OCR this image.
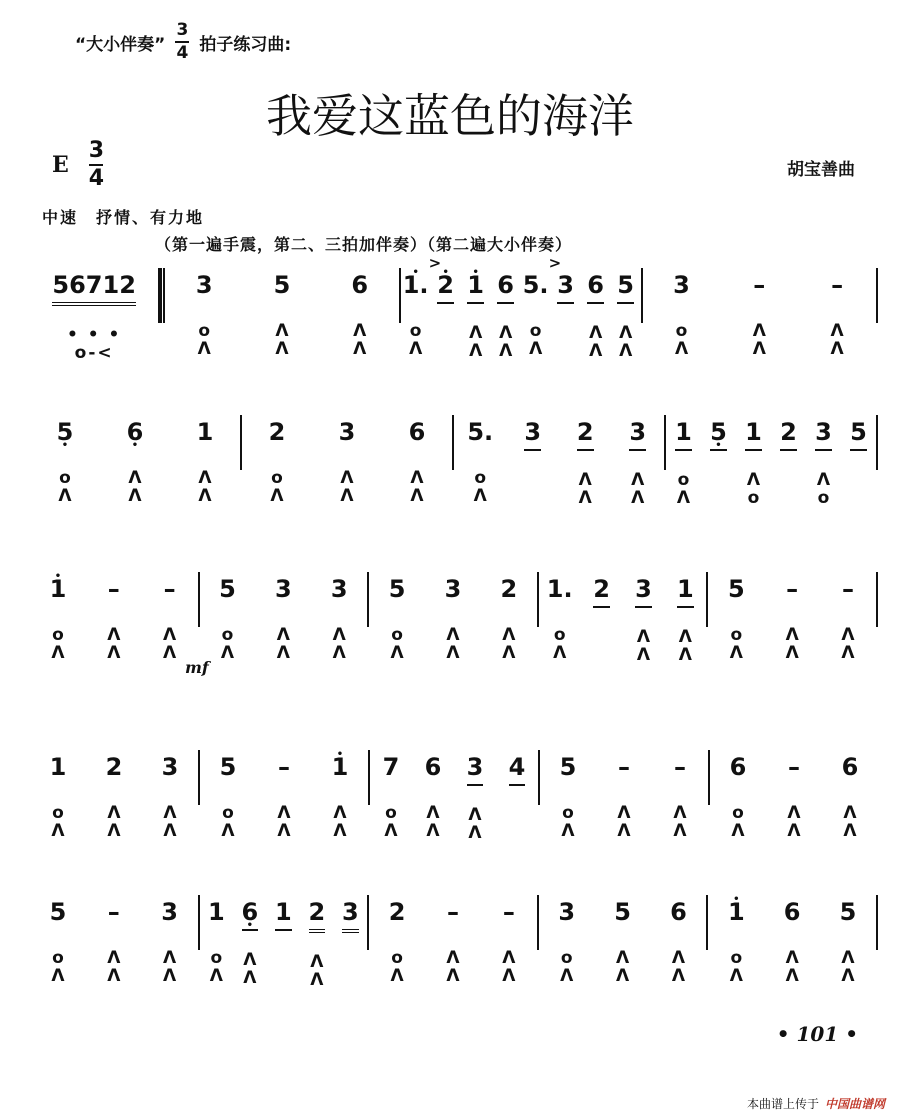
“大小伴奏” $\frac{3}{4}$ 拍子练习曲:
我爱这蓝色的海洋
E $\frac{3}{4}$	胡宝善曲
中速　抒情、有力地
（第一遍手震，第二、三拍加伴奏）（第二遍大小伴奏）
56712
• • •
o-<
3
ο
Λ
5
Λ
Λ
6
Λ
Λ
• 1.
>
ο
Λ
• 2

• 1
Λ
Λ
6
Λ
Λ
5.
>
ο
Λ
3

6
Λ
Λ
5
Λ
Λ
3
ο
Λ
–
Λ
Λ
–
Λ
Λ
5 •
ο
Λ
6 •
Λ
Λ
1
Λ
Λ
2
ο
Λ
3
Λ
Λ
6
Λ
Λ
5.
ο
Λ
3

2
Λ
Λ
3
Λ
Λ
1
ο
Λ
5 •

1
Λ
ο
2

3
Λ
ο
5

• 1
ο
Λ
–
Λ
Λ
–
Λ
Λ
5
ο
Λ
3
Λ
Λ
3
Λ
Λ
5
ο
Λ
3
Λ
Λ
2
Λ
Λ
1.
ο
Λ
2

3
Λ
Λ
1
Λ
Λ
5
ο
Λ
–
Λ
Λ
–
Λ
Λ
1
ο
Λ
2
Λ
Λ
3
Λ
Λ
5
ο
Λ
–
Λ
Λ
• 1
Λ
Λ
7
ο
Λ
6
Λ
Λ
3
Λ
Λ
4

5
ο
Λ
–
Λ
Λ
–
Λ
Λ
6
ο
Λ
–
Λ
Λ
6
Λ
Λ
5
ο
Λ
–
Λ
Λ
3
Λ
Λ
1
ο
Λ
6 •
Λ
Λ
1

2
Λ
Λ
3

2
ο
Λ
–
Λ
Λ
–
Λ
Λ
3
ο
Λ
5
Λ
Λ
6
Λ
Λ
• 1
ο
Λ
6
Λ
Λ
5
Λ
Λ
mf
• 101 •
本曲谱上传于 中国曲谱网
